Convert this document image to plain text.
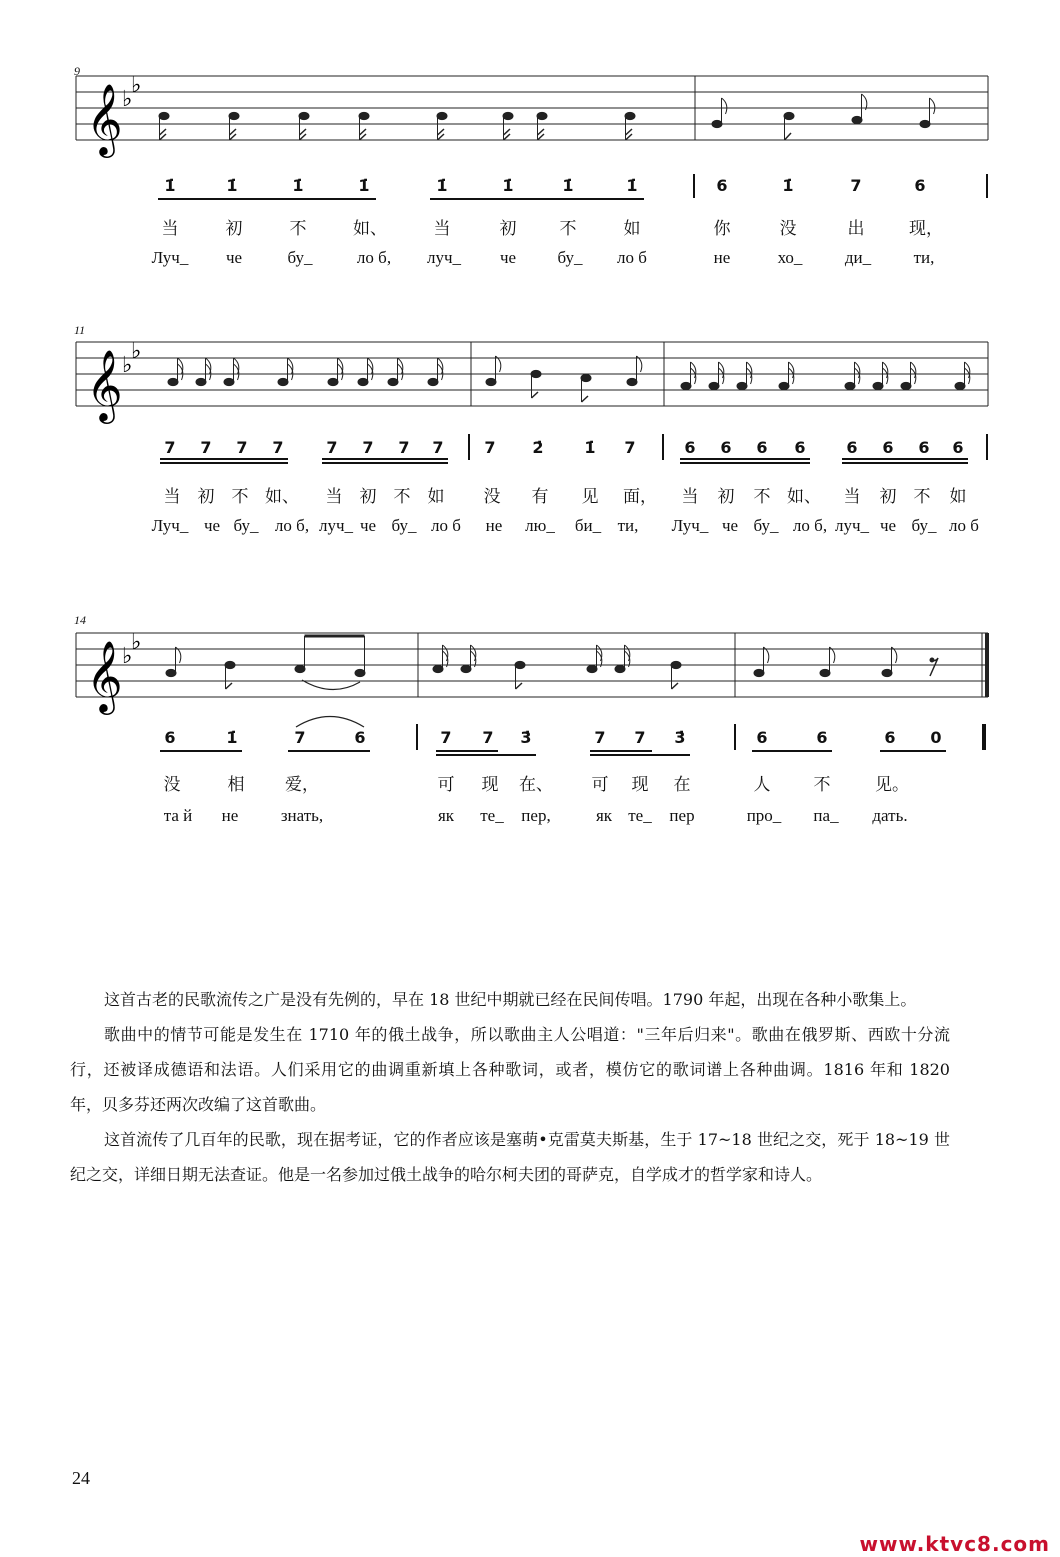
9
𝄞 ♭
♭
1̇	1̇	1̇	1̇	1̇	1̇	1̇	1̇	6	1̇	7	6
当	初	不	如、	当	初	不	如	你	没	出	现，
Луч_ че	бу_	ло б, луч_ че бу_ ло б	не	хо_ ди_ ти,
11
𝄞 ♭
♭
7 7 7 7	7 7 7 7	7 2̇	1̇ 7	6 6 6 6	6 6 6 6
当 初 不 如、 当 初 不 如 没 有 见 面， 当 初 不 如、 当 初 不 如
Луч_ че бу_ ло б, луч_ че бу_ ло б не лю_ би_ ти, Луч_ че бу_ ло б, луч_ че бу_ ло б
14
𝄞 ♭
♭
6	1̇	7	6	7 7 3̇	7 7 3̇	6	6	6 0
没	相 爱，	可 现 在、 可 现 在	人	不	见。
та й не знать,	як те_ пер,	як те_ пер	про_ па_ дать.

这首古老的民歌流传之广是没有先例的，早在 18 世纪中期就已经在民间传唱。1790 年起，出现在各种小歌集上。

歌曲中的情节可能是发生在 1710 年的俄土战争，所以歌曲主人公唱道："三年后归来"。歌曲在俄罗斯、西欧十分流行，还被译成德语和法语。人们采用它的曲调重新填上各种歌词，或者，模仿它的歌词谱上各种曲调。1816 年和 1820 年，贝多芬还两次改编了这首歌曲。

这首流传了几百年的民歌，现在据考证，它的作者应该是塞萌•克雷莫夫斯基，生于 17~18 世纪之交，死于 18~19 世纪之交，详细日期无法查证。他是一名参加过俄土战争的哈尔柯夫团的哥萨克，自学成才的哲学家和诗人。

24
www.ktvc8.com
